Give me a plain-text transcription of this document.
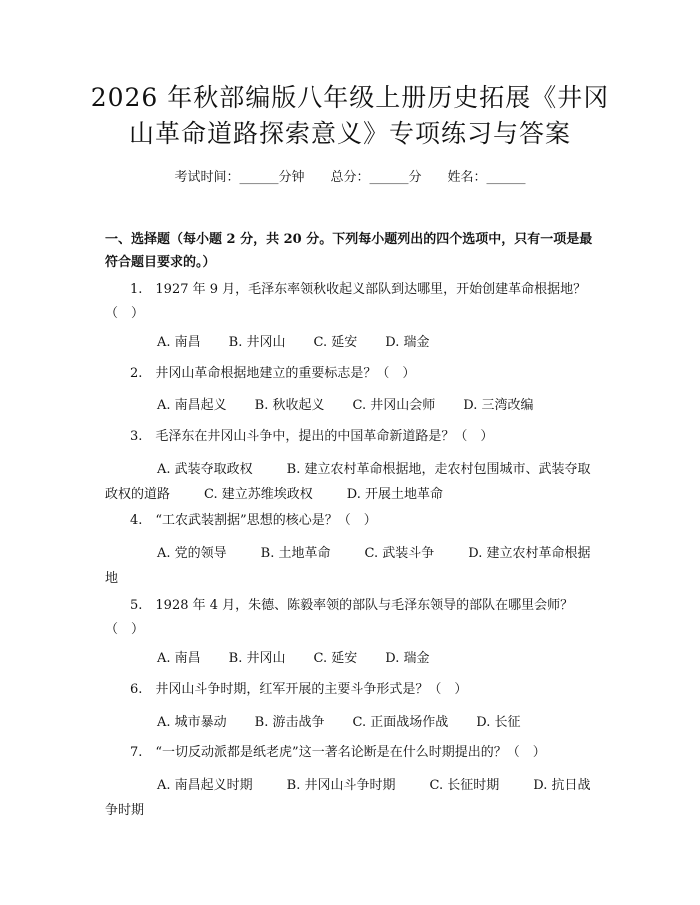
2026 年秋部编版八年级上册历史拓展《井冈
山革命道路探索意义》专项练习与答案
考试时间：______分钟 总分：______分 姓名：______
一、选择题（每小题 2 分，共 20 分。下列每小题列出的四个选项中，只有一项是最符合题目要求的。）
1.　1927 年 9 月，毛泽东率领秋收起义部队到达哪里，开始创建革命根据地？（　）
A. 南昌 B. 井冈山 C. 延安 D. 瑞金
2.　井冈山革命根据地建立的重要标志是？（　）
A. 南昌起义 B. 秋收起义 C. 井冈山会师 D. 三湾改编
3.　毛泽东在井冈山斗争中，提出的中国革命新道路是？（　）
A. 武装夺取政权	B. 建立农村革命根据地，走农村包围城市、武装夺取政权的道路	C. 建立苏维埃政权	D. 开展土地革命
4.　“工农武装割据”思想的核心是？（　）
A. 党的领导	B. 土地革命	C. 武装斗争	D. 建立农村革命根据地
5.　1928 年 4 月，朱德、陈毅率领的部队与毛泽东领导的部队在哪里会师？（　）
A. 南昌 B. 井冈山 C. 延安 D. 瑞金
6.　井冈山斗争时期，红军开展的主要斗争形式是？（　）
A. 城市暴动 B. 游击战争 C. 正面战场作战 D. 长征
7.　“一切反动派都是纸老虎”这一著名论断是在什么时期提出的？（　）
A. 南昌起义时期	B. 井冈山斗争时期	C. 长征时期	D. 抗日战争时期
